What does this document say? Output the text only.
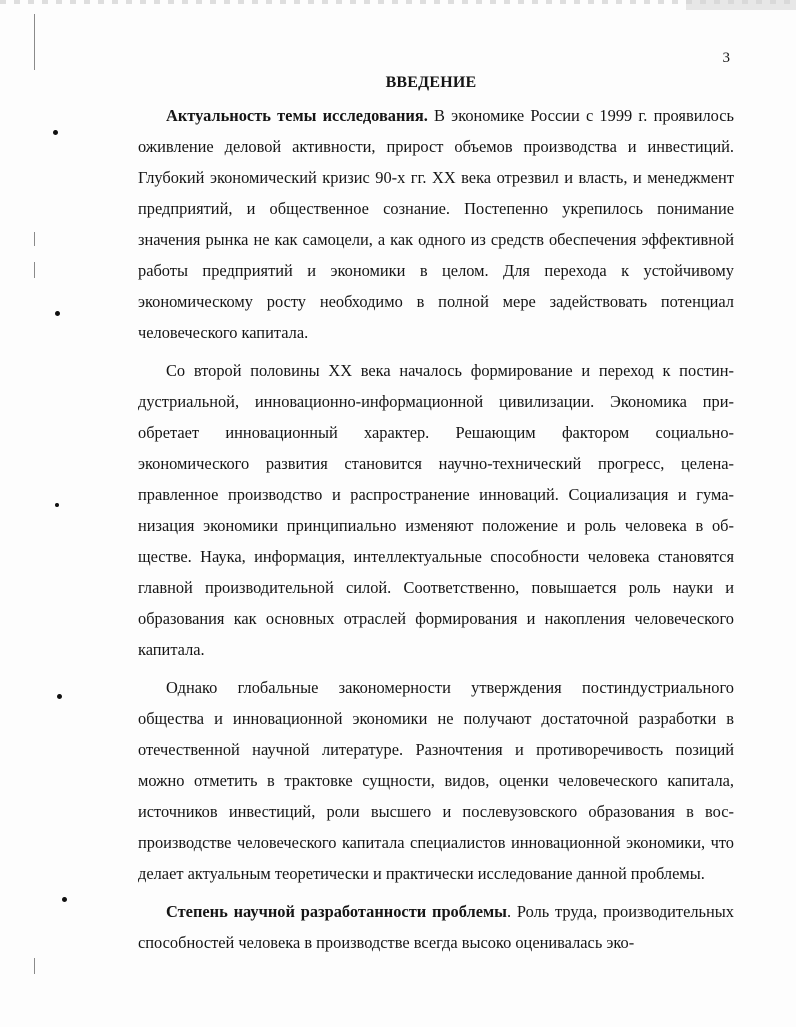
3
ВВЕДЕНИЕ

Актуальность темы исследования. В экономике России с 1999 г. проявилось оживление деловой активности, прирост объемов производства и инвестиций. Глубокий экономический кризис 90-х гг. XX века отрезвил и власть, и менеджмент предприятий, и общественное сознание. Постепенно укрепилось понимание значения рынка не как самоцели, а как одного из средств обеспечения эффективной работы предприятий и экономики в целом. Для перехода к устойчивому экономическому росту необходимо в полной мере задействовать потенциал человеческого капитала.

Со второй половины XX века началось формирование и переход к постиндустриальной, инновационно-информационной цивилизации. Экономика приобретает инновационный характер. Решающим фактором социально-экономического развития становится научно-технический прогресс, целенаправленное производство и распространение инноваций. Социализация и гуманизация экономики принципиально изменяют положение и роль человека в обществе. Наука, информация, интеллектуальные способности человека становятся главной производительной силой. Соответственно, повышается роль науки и образования как основных отраслей формирования и накопления человеческого капитала.

Однако глобальные закономерности утверждения постиндустриального общества и инновационной экономики не получают достаточной разработки в отечественной научной литературе. Разночтения и противоречивость позиций можно отметить в трактовке сущности, видов, оценки человеческого капитала, источников инвестиций, роли высшего и послевузовского образования в воспроизводстве человеческого капитала специалистов инновационной экономики, что делает актуальным теоретически и практически исследование данной проблемы.

Степень научной разработанности проблемы. Роль труда, производительных способностей человека в производстве всегда высоко оценивалась эко-
